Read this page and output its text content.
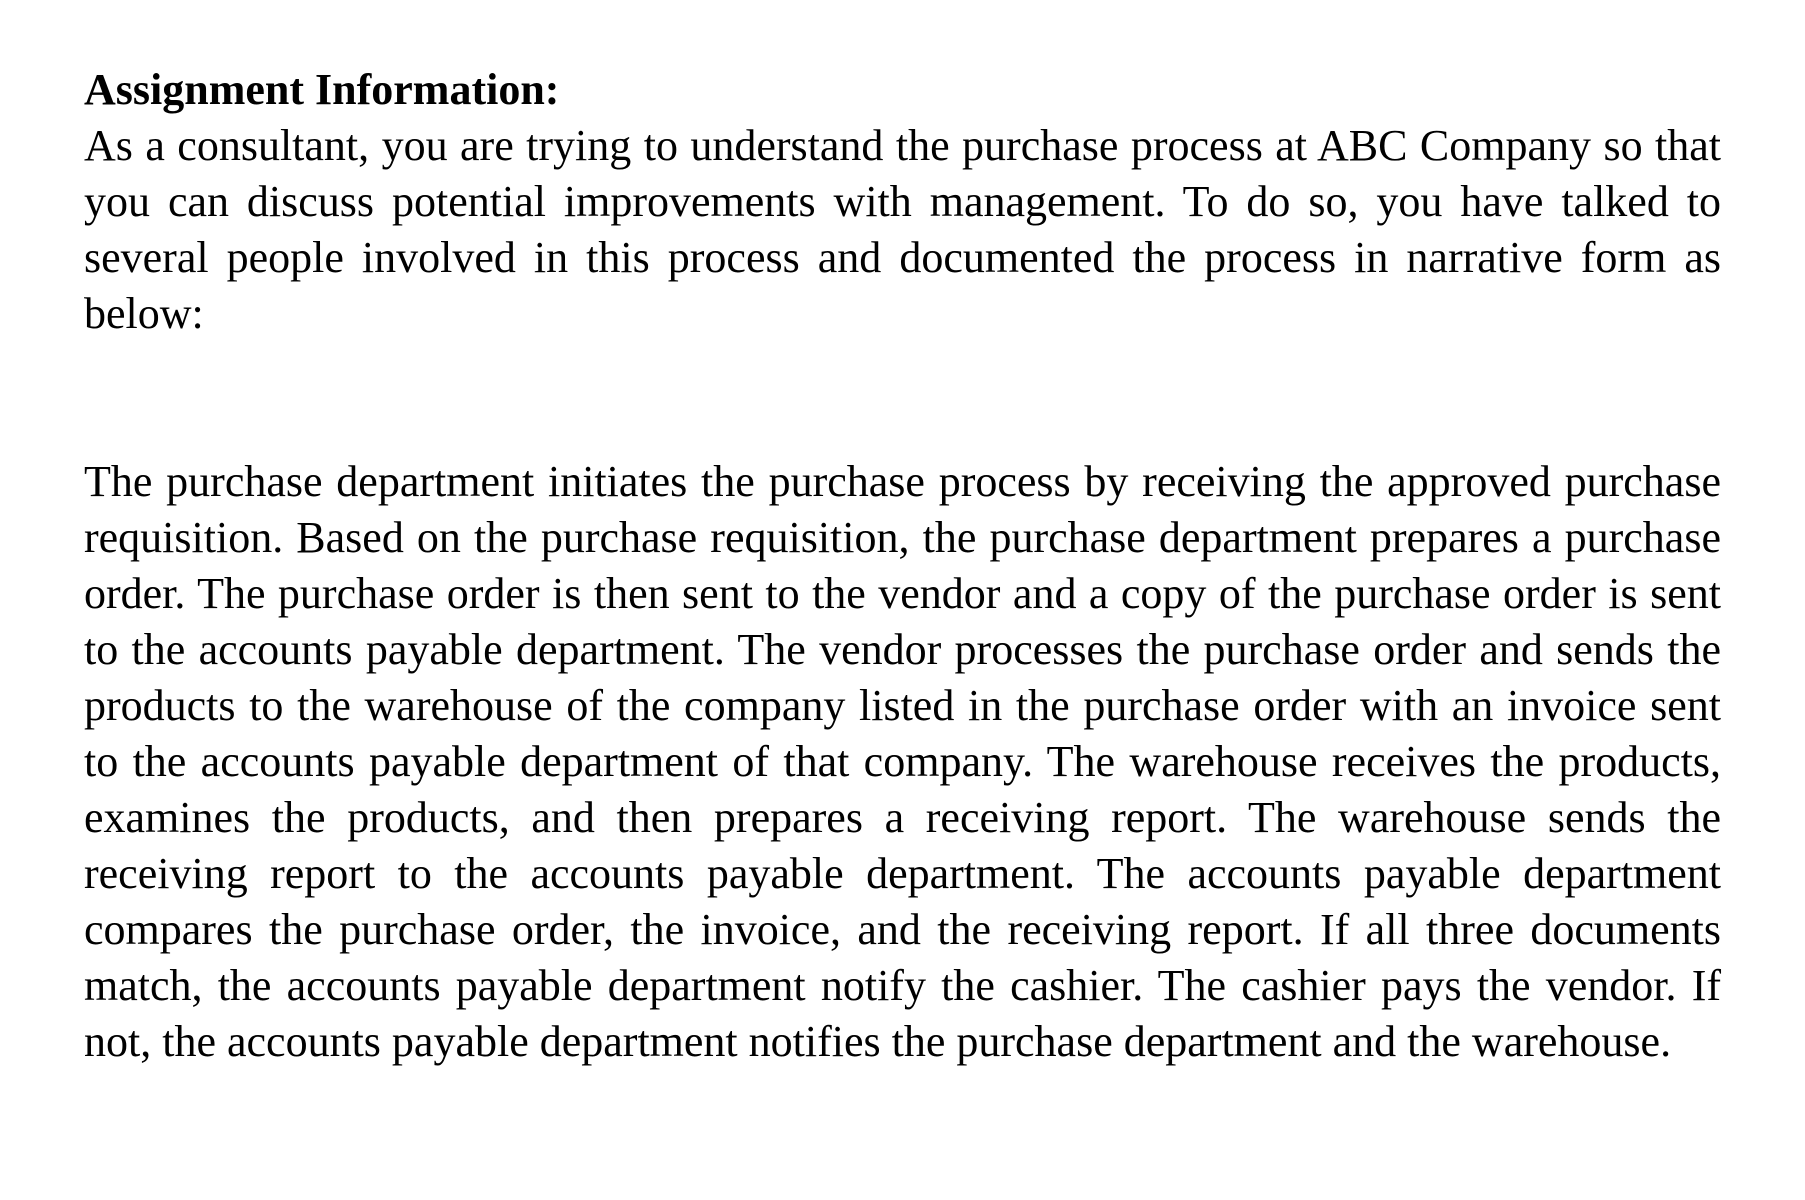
Assignment Information:

As a consultant, you are trying to understand the purchase process at ABC Company so that you can discuss potential improvements with management. To do so, you have talked to several people involved in this process and documented the process in narrative form as below:

The purchase department initiates the purchase process by receiving the approved purchase requisition. Based on the purchase requisition, the purchase department prepares a purchase order. The purchase order is then sent to the vendor and a copy of the purchase order is sent to the accounts payable department. The vendor processes the purchase order and sends the products to the warehouse of the company listed in the purchase order with an invoice sent to the accounts payable department of that company. The warehouse receives the products, examines the products, and then prepares a receiving report. The warehouse sends the receiving report to the accounts payable department. The accounts payable department compares the purchase order, the invoice, and the receiving report. If all three documents match, the accounts payable department notify the cashier. The cashier pays the vendor. If not, the accounts payable department notifies the purchase department and the warehouse.
